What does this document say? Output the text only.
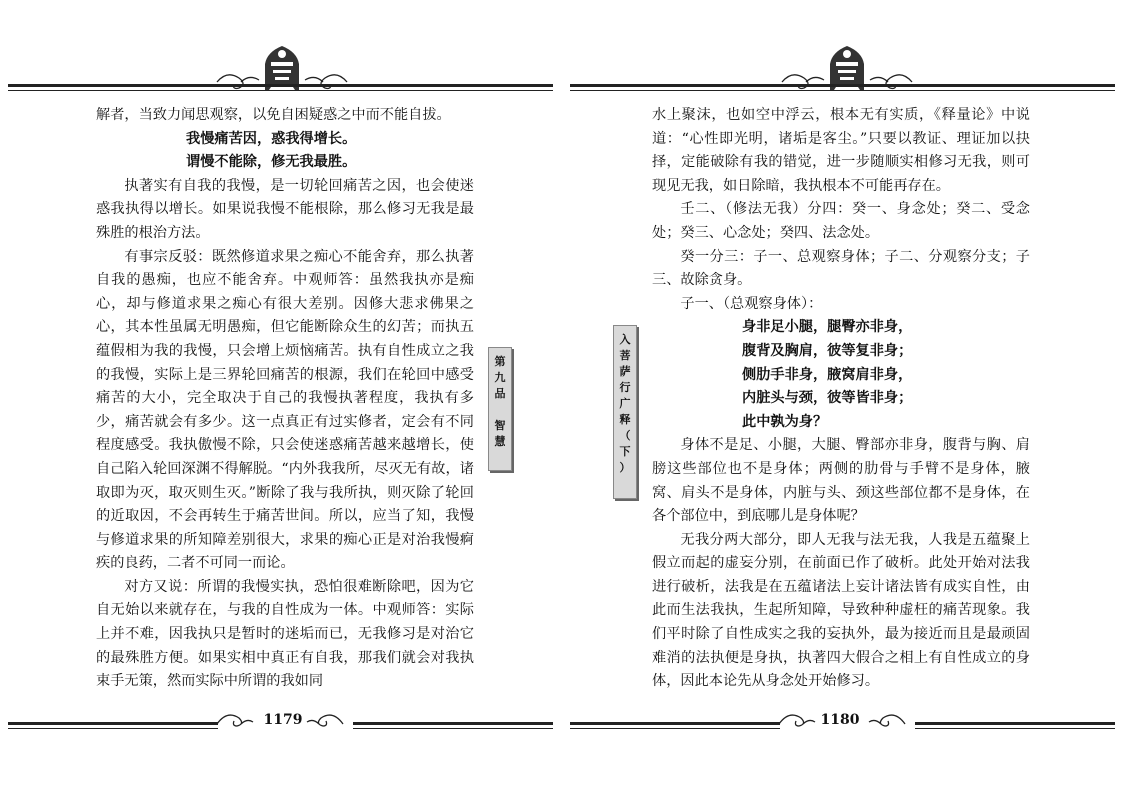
解者，当致力闻思观察，以免自困疑惑之中而不能自拔。

我慢痛苦因，惑我得增长。

谓慢不能除，修无我最胜。

执著实有自我的我慢，是一切轮回痛苦之因，也会使迷惑我执得以增长。如果说我慢不能根除，那么修习无我是最殊胜的根治方法。

有事宗反驳：既然修道求果之痴心不能舍弃，那么执著自我的愚痴，也应不能舍弃。中观师答：虽然我执亦是痴心，却与修道求果之痴心有很大差别。因修大悲求佛果之心，其本性虽属无明愚痴，但它能断除众生的幻苦；而执五蕴假相为我的我慢，只会增上烦恼痛苦。执有自性成立之我的我慢，实际上是三界轮回痛苦的根源，我们在轮回中感受痛苦的大小，完全取决于自己的我慢执著程度，我执有多少，痛苦就会有多少。这一点真正有过实修者，定会有不同程度感受。我执傲慢不除，只会使迷惑痛苦越来越增长，使自己陷入轮回深渊不得解脱。“内外我我所，尽灭无有故，诸取即为灭，取灭则生灭。”断除了我与我所执，则灭除了轮回的近取因，不会再转生于痛苦世间。所以，应当了知，我慢与修道求果的所知障差别很大，求果的痴心正是对治我慢痾疾的良药，二者不可同一而论。

对方又说：所谓的我慢实执，恐怕很难断除吧，因为它自无始以来就存在，与我的自性成为一体。中观师答：实际上并不难，因我执只是暂时的迷垢而已，无我修习是对治它的最殊胜方便。如果实相中真正有自我，那我们就会对我执束手无策，然而实际中所谓的我如同

第
九
品

智
慧
1179

水上聚沫，也如空中浮云，根本无有实质，《释量论》中说道：“心性即光明，诸垢是客尘。”只要以教证、理证加以抉择，定能破除有我的错觉，进一步随顺实相修习无我，则可现见无我，如日除暗，我执根本不可能再存在。

壬二、（修法无我）分四：癸一、身念处；癸二、受念处；癸三、心念处；癸四、法念处。

癸一分三：子一、总观察身体；子二、分观察分支；子三、故除贪身。

子一、（总观察身体）：

身非足小腿，腿臀亦非身，

腹背及胸肩，彼等复非身；

侧肋手非身，腋窝肩非身，

内脏头与颈，彼等皆非身；

此中孰为身？

身体不是足、小腿，大腿、臀部亦非身，腹背与胸、肩膀这些部位也不是身体；两侧的肋骨与手臂不是身体，腋窝、肩头不是身体，内脏与头、颈这些部位都不是身体，在各个部位中，到底哪儿是身体呢？

无我分两大部分，即人无我与法无我，人我是五蕴聚上假立而起的虚妄分别，在前面已作了破析。此处开始对法我进行破析，法我是在五蕴诸法上妄计诸法皆有成实自性，由此而生法我执，生起所知障，导致种种虚枉的痛苦现象。我们平时除了自性成实之我的妄执外，最为接近而且是最顽固难消的法执便是身执，执著四大假合之相上有自性成立的身体，因此本论先从身念处开始修习。

入
菩
萨
行
广
释
（
下
）
1180
